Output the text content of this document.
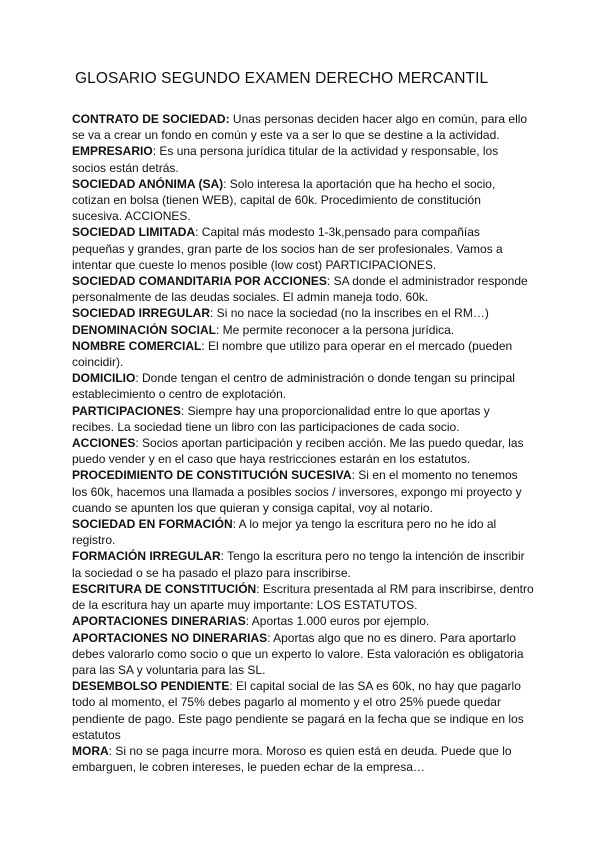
GLOSARIO SEGUNDO EXAMEN DERECHO MERCANTIL
CONTRATO DE SOCIEDAD: Unas personas deciden hacer algo en común, para ello se va a crear un fondo en común y este va a ser lo que se destine a la actividad.
EMPRESARIO: Es una persona jurídica titular de la actividad y responsable, los socios están detrás.
SOCIEDAD ANÓNIMA (SA): Solo interesa la aportación que ha hecho el socio, cotizan en bolsa (tienen WEB), capital de 60k. Procedimiento de constitución sucesiva. ACCIONES.
SOCIEDAD LIMITADA: Capital más modesto 1-3k,pensado para compañías pequeñas y grandes, gran parte de los socios han de ser profesionales. Vamos a intentar que cueste lo menos posible (low cost) PARTICIPACIONES.
SOCIEDAD COMANDITARIA POR ACCIONES: SA donde el administrador responde personalmente de las deudas sociales. El admin maneja todo. 60k.
SOCIEDAD IRREGULAR: Si no nace la sociedad (no la inscribes en el RM…)
DENOMINACIÓN SOCIAL: Me permite reconocer a la persona jurídica.
NOMBRE COMERCIAL: El nombre que utilizo para operar en el mercado (pueden coincidir).
DOMICILIO: Donde tengan el centro de administración o donde tengan su principal establecimiento o centro de explotación.
PARTICIPACIONES: Siempre hay una proporcionalidad entre lo que aportas y recibes. La sociedad tiene un libro con las participaciones de cada socio.
ACCIONES: Socios aportan participación y reciben acción. Me las puedo quedar, las puedo vender y en el caso que haya restricciones estarán en los estatutos.
PROCEDIMIENTO DE CONSTITUCIÓN SUCESIVA: Si en el momento no tenemos los 60k, hacemos una llamada a posibles socios / inversores, expongo mi proyecto y cuando se apunten los que quieran y consiga capital, voy al notario.
SOCIEDAD EN FORMACIÓN: A lo mejor ya tengo la escritura pero no he ido al registro.
FORMACIÓN IRREGULAR: Tengo la escritura pero no tengo la intención de inscribir la sociedad o se ha pasado el plazo para inscribirse.
ESCRITURA DE CONSTITUCIÓN: Escritura presentada al RM para inscribirse, dentro de la escritura hay un aparte muy importante: LOS ESTATUTOS.
APORTACIONES DINERARIAS: Aportas 1.000 euros por ejemplo.
APORTACIONES NO DINERARIAS: Aportas algo que no es dinero. Para aportarlo debes valorarlo como socio o que un experto lo valore. Esta valoración es obligatoria para las SA y voluntaria para las SL.
DESEMBOLSO PENDIENTE: El capital social de las SA es 60k, no hay que pagarlo todo al momento, el 75% debes pagarlo al momento y el otro 25% puede quedar pendiente de pago. Este pago pendiente se pagará en la fecha que se indique en los estatutos
MORA: Si no se paga incurre mora. Moroso es quien está en deuda. Puede que lo embarguen, le cobren intereses, le pueden echar de la empresa…
